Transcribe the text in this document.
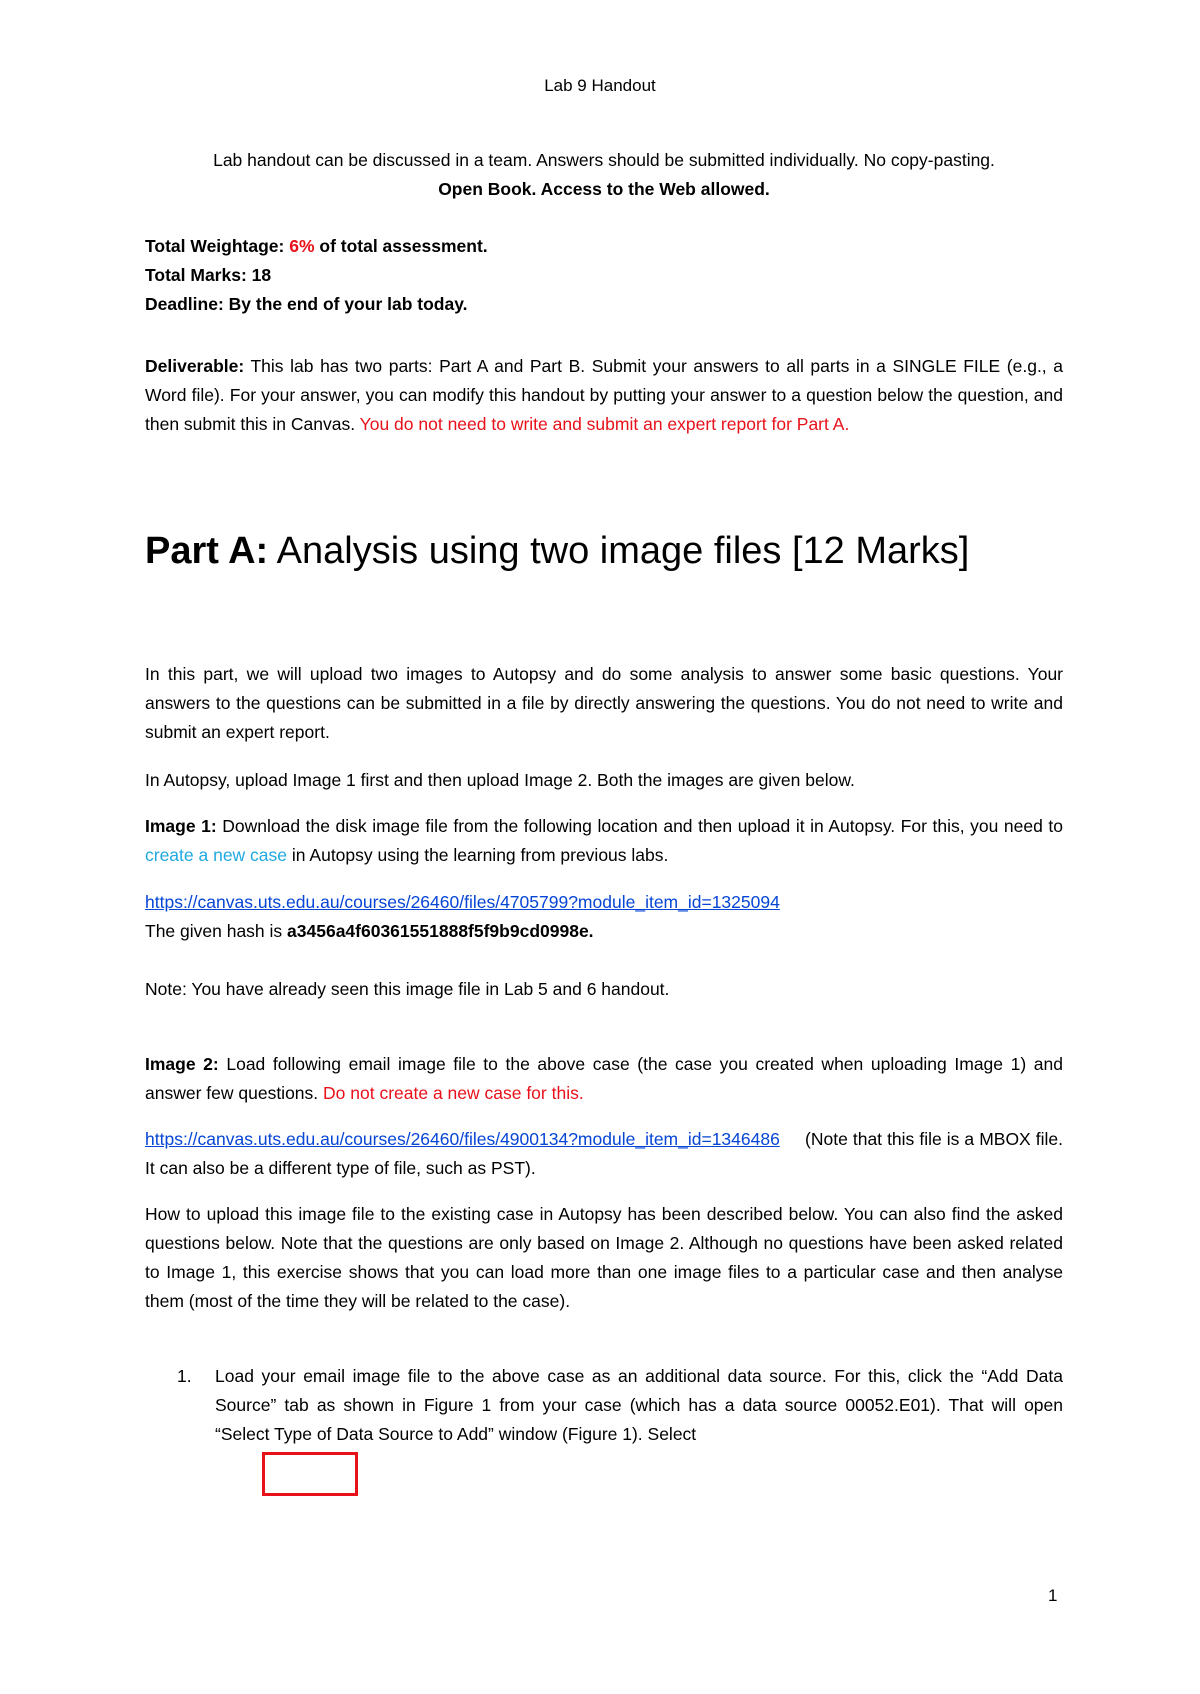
Lab 9 Handout

Lab handout can be discussed in a team. Answers should be submitted individually. No copy-pasting.

Open Book. Access to the Web allowed.

Total Weightage: 6% of total assessment.

Total Marks: 18

Deadline: By the end of your lab today.

Deliverable: This lab has two parts: Part A and Part B. Submit your answers to all parts in a SINGLE FILE (e.g., a Word file). For your answer, you can modify this handout by putting your answer to a question below the question, and then submit this in Canvas. You do not need to write and submit an expert report for Part A.

Part A: Analysis using two image files [12 Marks]

In this part, we will upload two images to Autopsy and do some analysis to answer some basic questions. Your answers to the questions can be submitted in a file by directly answering the questions. You do not need to write and submit an expert report.

In Autopsy, upload Image 1 first and then upload Image 2. Both the images are given below.

Image 1: Download the disk image file from the following location and then upload it in Autopsy. For this, you need to create a new case in Autopsy using the learning from previous labs.

https://canvas.uts.edu.au/courses/26460/files/4705799?module_item_id=1325094

The given hash is a3456a4f60361551888f5f9b9cd0998e.

Note: You have already seen this image file in Lab 5 and 6 handout.

Image 2: Load following email image file to the above case (the case you created when uploading Image 1) and answer few questions. Do not create a new case for this.

https://canvas.uts.edu.au/courses/26460/files/4900134?module_item_id=1346486 (Note that this file is a MBOX file. It can also be a different type of file, such as PST).

How to upload this image file to the existing case in Autopsy has been described below. You can also find the asked questions below. Note that the questions are only based on Image 2. Although no questions have been asked related to Image 1, this exercise shows that you can load more than one image files to a particular case and then analyse them (most of the time they will be related to the case).

1. Load your email image file to the above case as an additional data source. For this, click the “Add Data Source” tab as shown in Figure 1 from your case (which has a data source 00052.E01). That will open “Select Type of Data Source to Add” window (Figure 1). Select

1
